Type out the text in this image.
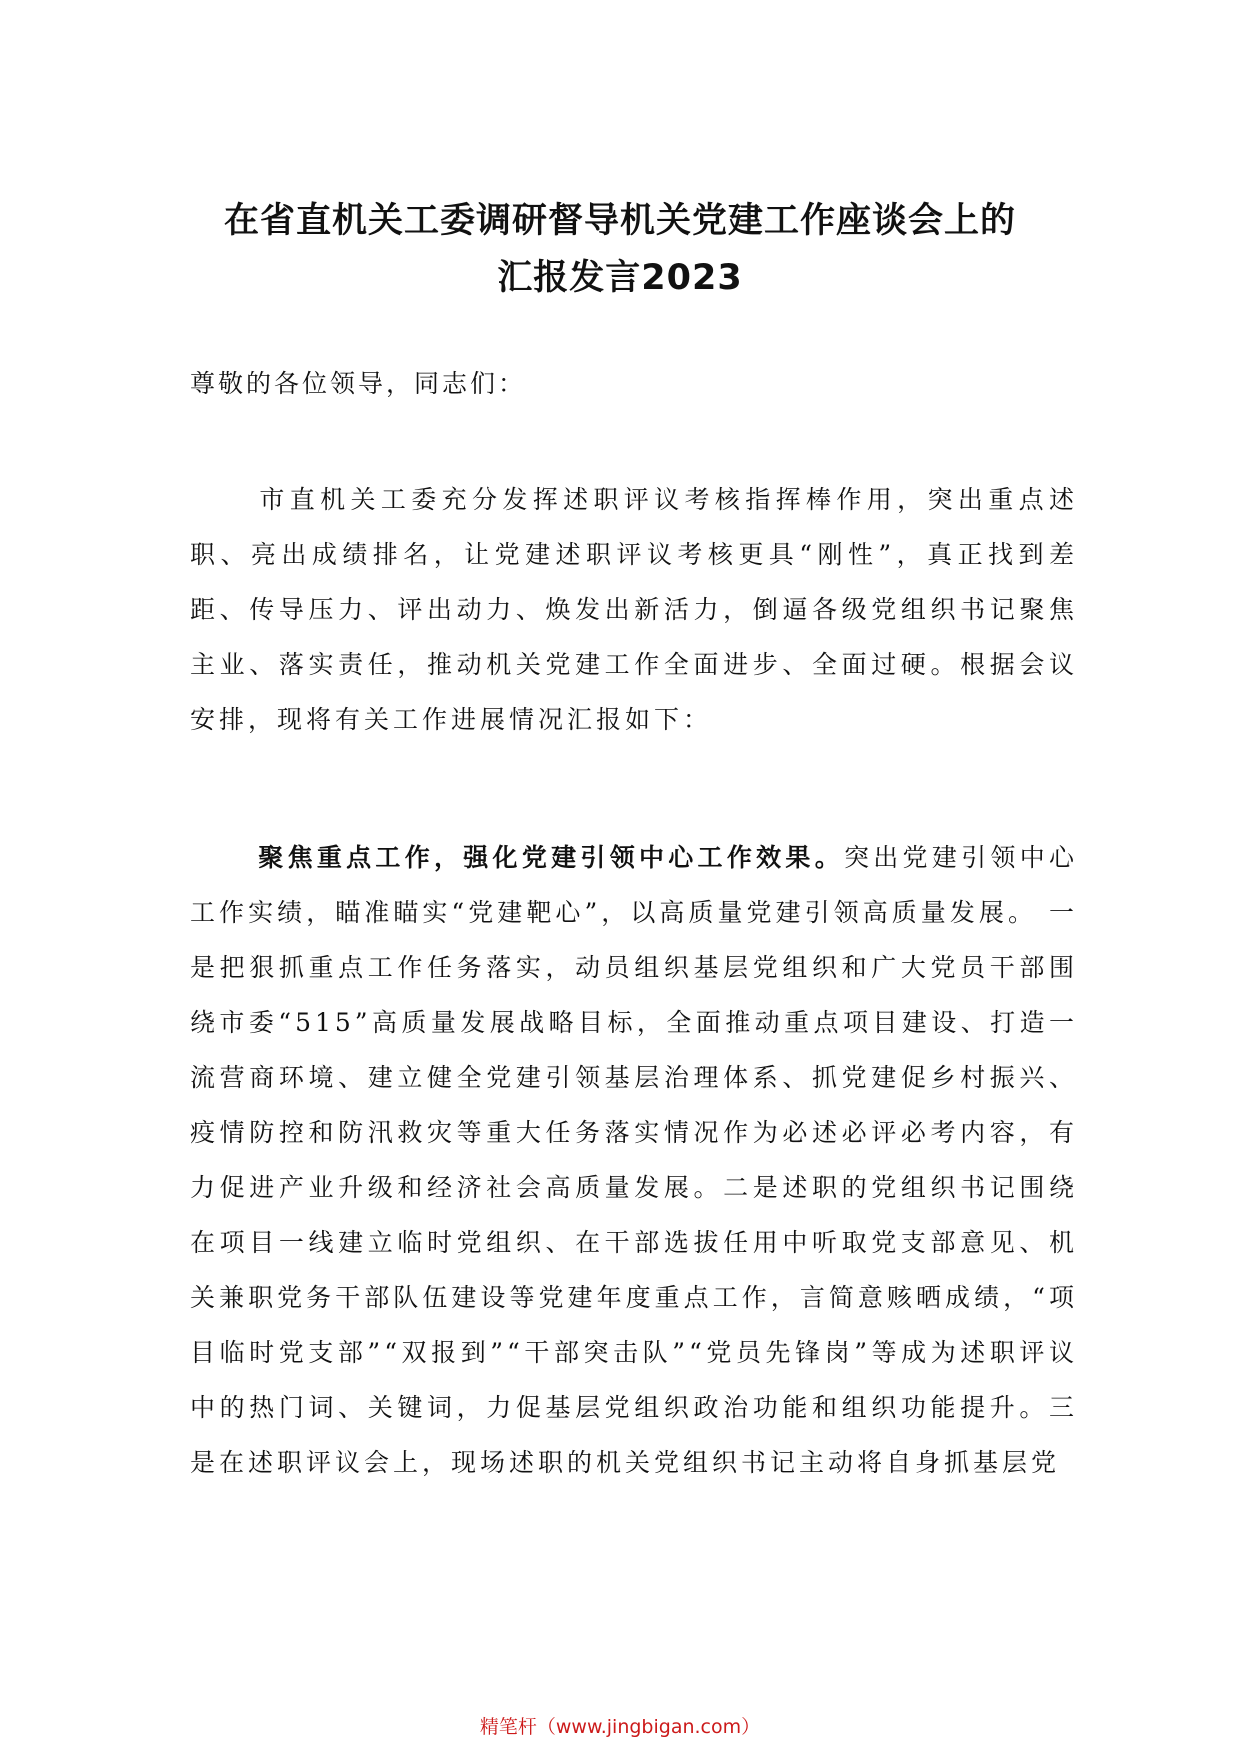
在省直机关工委调研督导机关党建工作座谈会上的
汇报发言2023
尊敬的各位领导，同志们：

市直机关工委充分发挥述职评议考核指挥棒作用，突出重点述职、亮出成绩排名，让党建述职评议考核更具“刚性”，真正找到差距、传导压力、评出动力、焕发出新活力，倒逼各级党组织书记聚焦主业、落实责任，推动机关党建工作全面进步、全面过硬。根据会议安排，现将有关工作进展情况汇报如下：

聚焦重点工作，强化党建引领中心工作效果。突出党建引领中心工作实绩，瞄准瞄实“党建靶心”，以高质量党建引领高质量发展。 一是把狠抓重点工作任务落实，动员组织基层党组织和广大党员干部围绕市委“515”高质量发展战略目标，全面推动重点项目建设、打造一流营商环境、建立健全党建引领基层治理体系、抓党建促乡村振兴、疫情防控和防汛救灾等重大任务落实情况作为必述必评必考内容，有力促进产业升级和经济社会高质量发展。二是述职的党组织书记围绕在项目一线建立临时党组织、在干部选拔任用中听取党支部意见、机关兼职党务干部队伍建设等党建年度重点工作，言简意赅晒成绩，“项目临时党支部”“双报到”“干部突击队”“党员先锋岗”等成为述职评议中的热门词、关键词，力促基层党组织政治功能和组织功能提升。三是在述职评议会上，现场述职的机关党组织书记主动将自身抓基层党

精笔杆（www.jingbigan.com）
